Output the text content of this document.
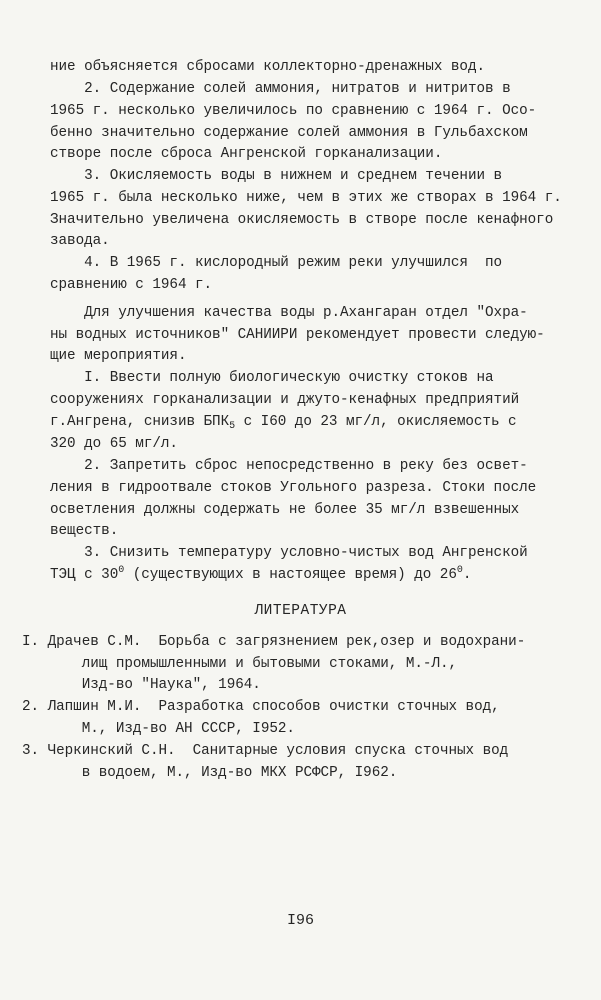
ние объясняется сбросами коллекторно-дренажных вод.
2. Содержание солей аммония, нитратов и нитритов в
1965 г. несколько увеличилось по сравнению с 1964 г. Осо-
бенно значительно содержание солей аммония в Гульбахском
створе после сброса Ангренской горканализации.
3. Окисляемость воды в нижнем и среднем течении в
1965 г. была несколько ниже, чем в этих же створах в 1964 г.
Значительно увеличена окисляемость в створе после кенафного
завода.
4. В 1965 г. кислородный режим реки улучшился  по
сравнению с 1964 г.
Для улучшения качества воды р.Ахангаран отдел "Охра-
ны водных источников" САНИИРИ рекомендует провести следую-
щие мероприятия.
I. Ввести полную биологическую очистку стоков на
сооружениях горканализации и джуто-кенафных предприятий
г.Ангрена, снизив $БПК_5$ с I60 до 23 мг/л, окисляемость с
320 до 65 мг/л.
2. Запретить сброс непосредственно в реку без освет-
ления в гидроотвале стоков Угольного разреза. Стоки после
осветления должны содержать не более 35 мг/л взвешенных
веществ.
3. Снизить температуру условно-чистых вод Ангренской
ТЭЦ с $30^0$ (существующих в настоящее время) до $26^0$.
ЛИТЕРАТУРА
I. Драчев С.М.  Борьба с загрязнением рек,озер и водохрани-
лищ промышленными и бытовыми стоками, М.-Л.,
Изд-во "Наука", 1964.
2. Лапшин М.И.  Разработка способов очистки сточных вод,
М., Изд-во АН СССР, I952.
3. Черкинский С.Н.  Санитарные условия спуска сточных вод
в водоем, М., Изд-во МКХ РСФСР, I962.
I96
